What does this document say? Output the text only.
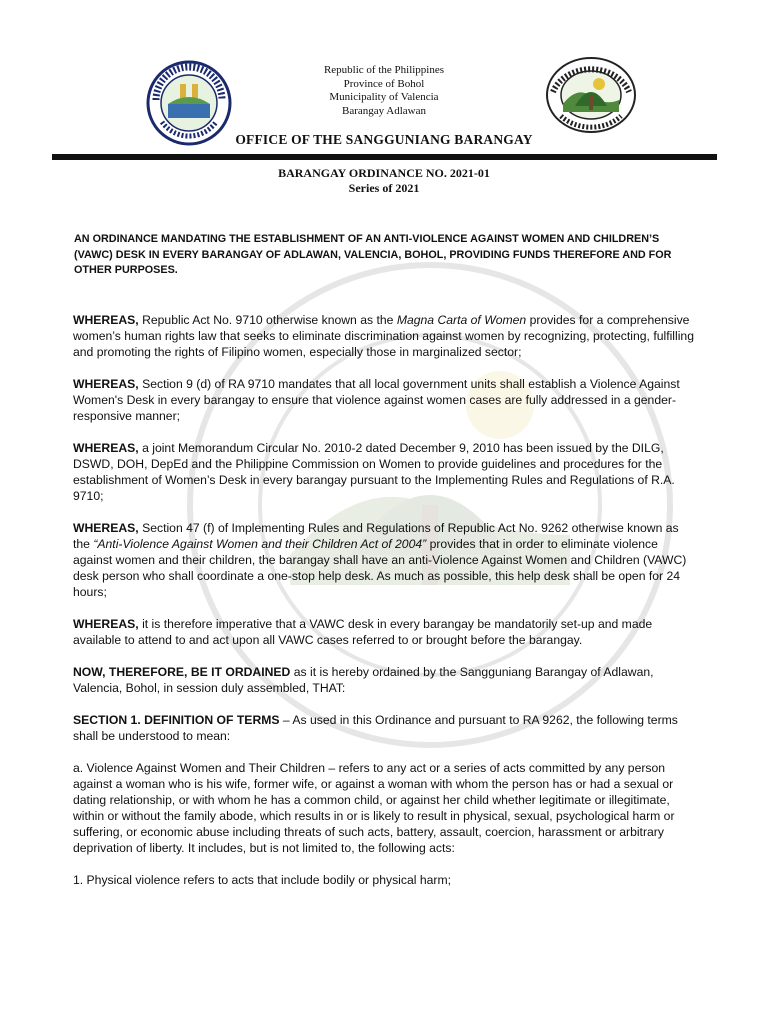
Republic of the Philippines
Province of Bohol
Municipality of Valencia
Barangay Adlawan
OFFICE OF THE SANGGUNIANG BARANGAY
BARANGAY ORDINANCE NO. 2021-01
Series of 2021

AN ORDINANCE MANDATING THE ESTABLISHMENT OF AN ANTI-VIOLENCE AGAINST WOMEN AND CHILDREN’S (VAWC) DESK IN EVERY BARANGAY OF ADLAWAN, VALENCIA, BOHOL, PROVIDING FUNDS THEREFORE AND FOR OTHER PURPOSES.

WHEREAS, Republic Act No. 9710 otherwise known as the Magna Carta of Women provides for a comprehensive women’s human rights law that seeks to eliminate discrimination against women by recognizing, protecting, fulfilling and promoting the rights of Filipino women, especially those in marginalized sector;

WHEREAS, Section 9 (d) of RA 9710 mandates that all local government units shall establish a Violence Against Women's Desk in every barangay to ensure that violence against women cases are fully addressed in a gender-responsive manner;

WHEREAS, a joint Memorandum Circular No. 2010-2 dated December 9, 2010 has been issued by the DILG, DSWD, DOH, DepEd and the Philippine Commission on Women to provide guidelines and procedures for the establishment of Women’s Desk in every barangay pursuant to the Implementing Rules and Regulations of R.A. 9710;

WHEREAS, Section 47 (f) of Implementing Rules and Regulations of Republic Act No. 9262 otherwise known as the “Anti-Violence Against Women and their Children Act of 2004” provides that in order to eliminate violence against women and their children, the barangay shall have an anti-Violence Against Women and Children (VAWC) desk person who shall coordinate a one-stop help desk. As much as possible, this help desk shall be open for 24 hours;

WHEREAS, it is therefore imperative that a VAWC desk in every barangay be mandatorily set-up and made available to attend to and act upon all VAWC cases referred to or brought before the barangay.

NOW, THEREFORE, BE IT ORDAINED as it is hereby ordained by the Sangguniang Barangay of Adlawan, Valencia, Bohol, in session duly assembled, THAT:

SECTION 1. DEFINITION OF TERMS – As used in this Ordinance and pursuant to RA 9262, the following terms shall be understood to mean:

a. Violence Against Women and Their Children – refers to any act or a series of acts committed by any person against a woman who is his wife, former wife, or against a woman with whom the person has or had a sexual or dating relationship, or with whom he has a common child, or against her child whether legitimate or illegitimate, within or without the family abode, which results in or is likely to result in physical, sexual, psychological harm or suffering, or economic abuse including threats of such acts, battery, assault, coercion, harassment or arbitrary deprivation of liberty. It includes, but is not limited to, the following acts:

1. Physical violence refers to acts that include bodily or physical harm;
